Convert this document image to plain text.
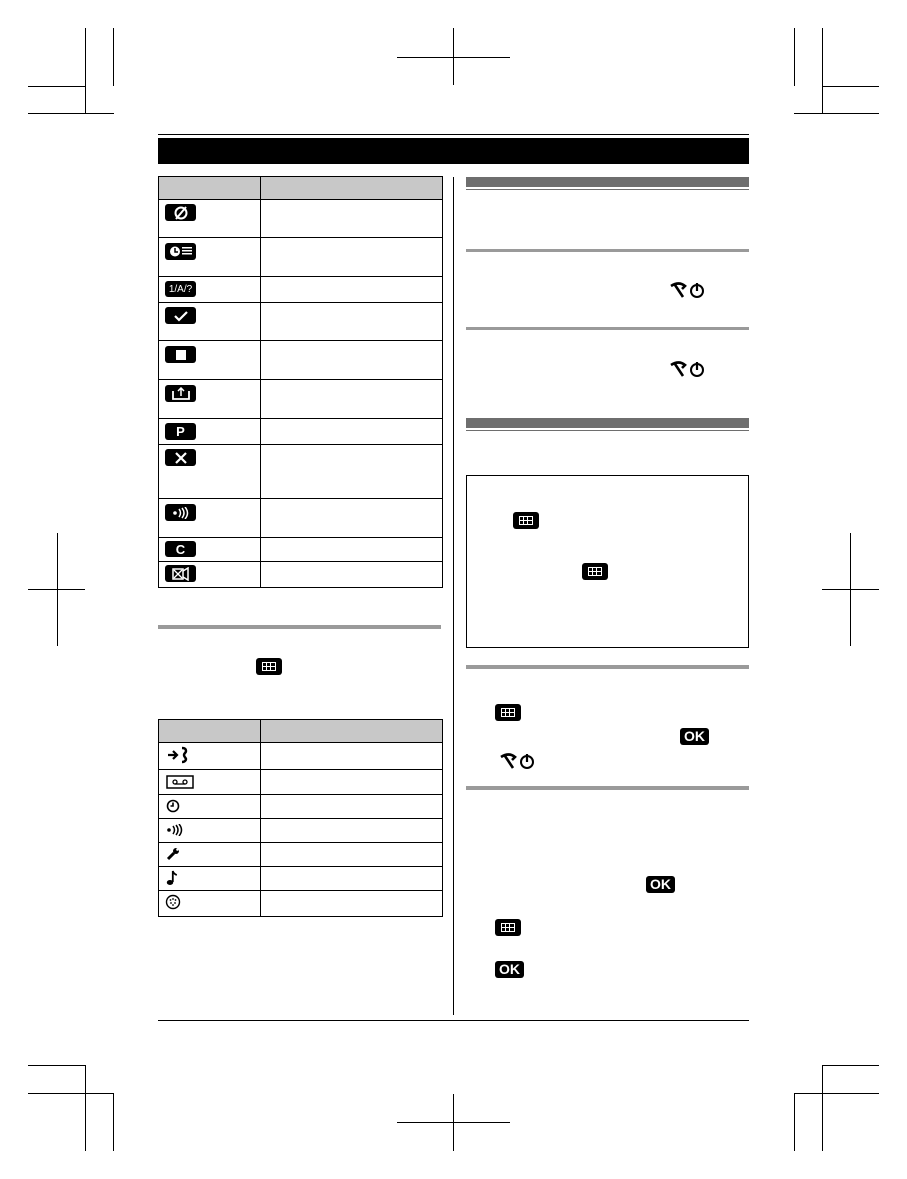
1/A/?
P
C
OK
OK
OK
